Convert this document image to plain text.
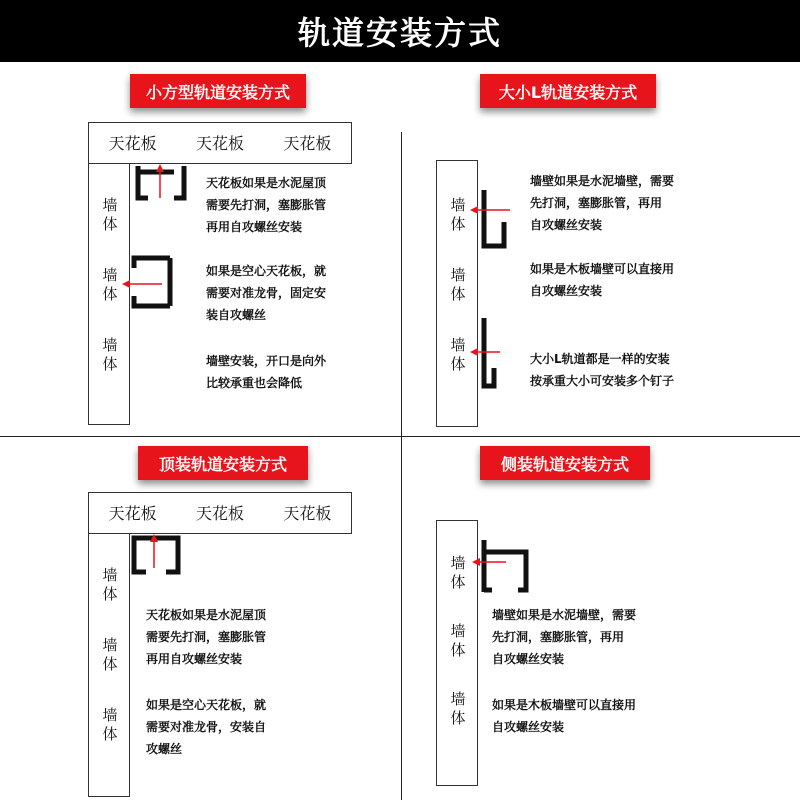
轨道安装方式
小方型轨道安装方式
天花板 天花板 天花板
墙
体
墙
体
墙
体
天花板如果是水泥屋顶
需要先打洞，塞膨胀管
再用自攻螺丝安装
如果是空心天花板，就
需要对准龙骨，固定安
装自攻螺丝
墙壁安装，开口是向外
比较承重也会降低
大小L轨道安装方式
墙
体
墙
体
墙
体
墙壁如果是水泥墙壁，需要
先打洞，塞膨胀管，再用
自攻螺丝安装
如果是木板墙壁可以直接用
自攻螺丝安装
大小L轨道都是一样的安装
按承重大小可安装多个钉子
顶装轨道安装方式
天花板 天花板 天花板
墙
体
墙
体
墙
体
天花板如果是水泥屋顶
需要先打洞，塞膨胀管
再用自攻螺丝安装
如果是空心天花板，就
需要对准龙骨，安装自
攻螺丝
侧装轨道安装方式
墙
体
墙
体
墙
体
墙壁如果是水泥墙壁，需要
先打洞，塞膨胀管，再用
自攻螺丝安装
如果是木板墙壁可以直接用
自攻螺丝安装
